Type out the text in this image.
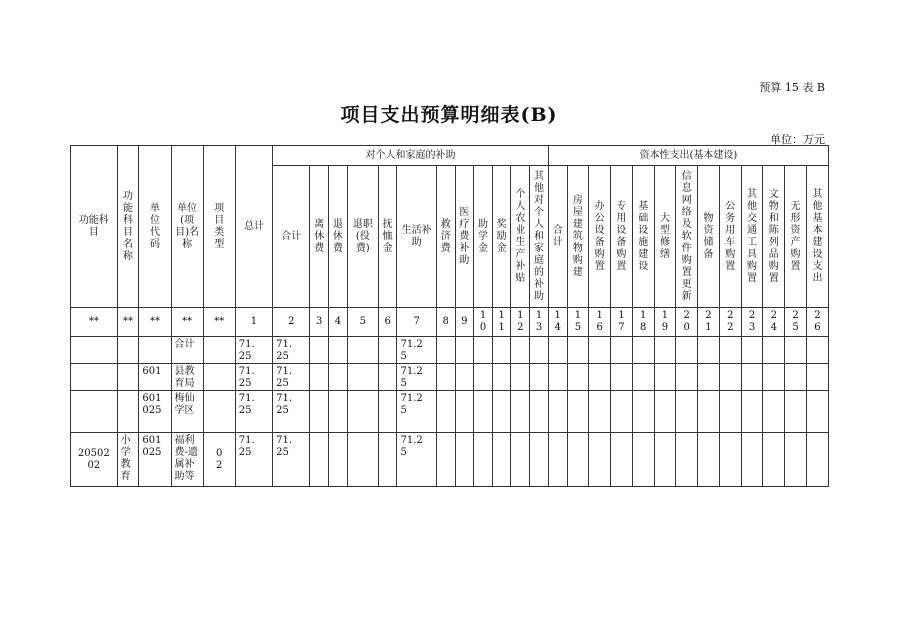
预算 15 表 B
项目支出预算明细表(B)
单位：万元
功能科目	功能科目名称	单位代码	单位(项目)名称	项目类型	总计	对个人和家庭的补助												资本性支出(基本建设)												
						合计	离休费	退休费	退职(役费)	抚恤金	生活补助	救济费	医疗费补助	助学金	奖励金	个人农业生产补贴	其他对个人和家庭的补助	合计	房屋建筑物购建	办公设备购置	专用设备购置	基础设施建设	大型修缮	信息网络及软件购置更新	物资储备	公务用车购置	其他交通工具购置	文物和陈列品购置	无形资产购置	其他基本建设支出
**	**	**	**	**	1	2	3	4	5	6	7	8	9	10	11	12	13	14	15	16	17	18	19	20	21	22	23	24	25	26
			合计		71.25	71.25					71.25																			
		601	县教育局		71.25	71.25					71.25																			
		601025	梅仙学区		71.25	71.25					71.25																			
2050202	小学教育	601025	福利费-遗属补助等	02	71.25	71.25					71.25																			
